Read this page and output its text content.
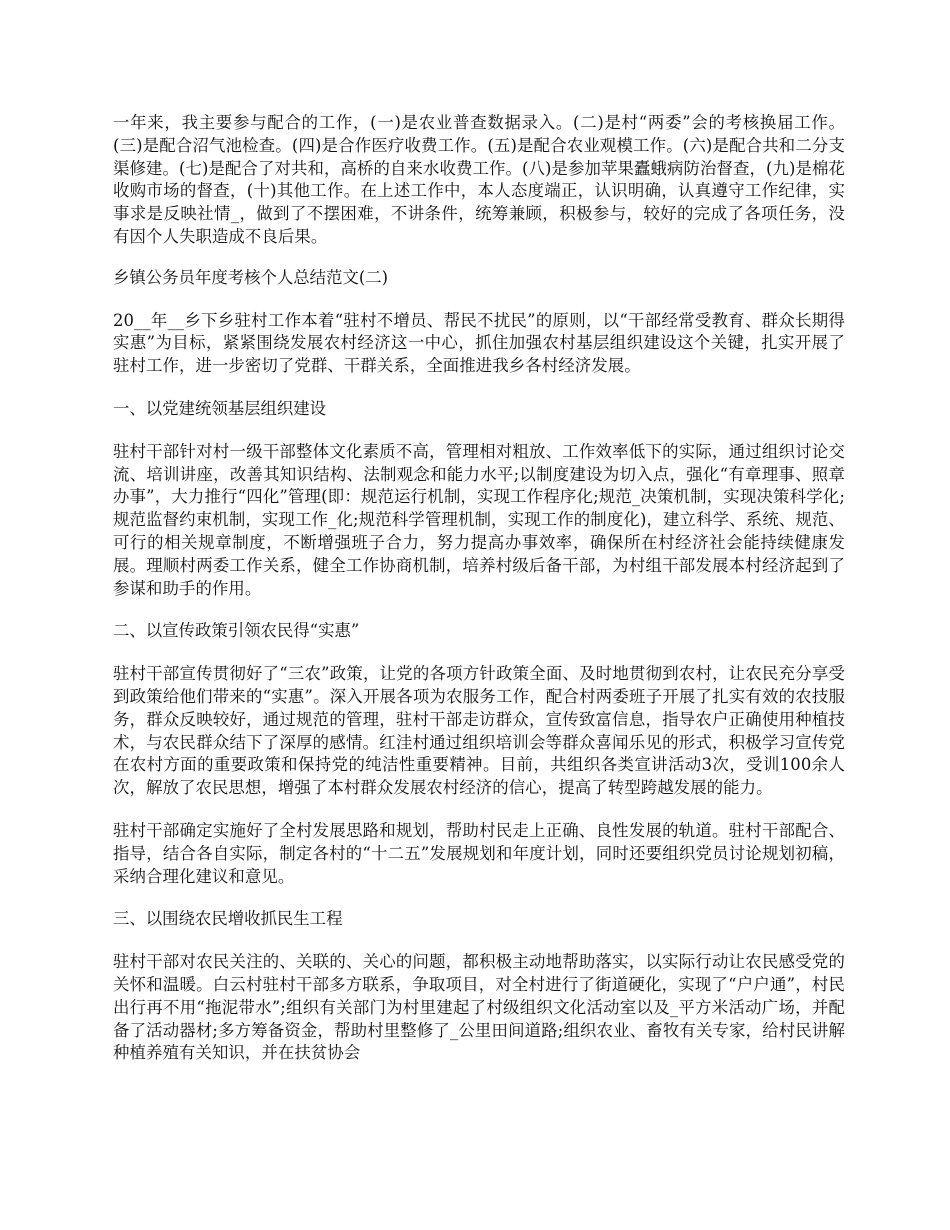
一年来，我主要参与配合的工作，(一)是农业普查数据录入。(二)是村“两委”会的考核换届工作。(三)是配合沼气池检查。(四)是合作医疗收费工作。(五)是配合农业观模工作。(六)是配合共和二分支渠修建。(七)是配合了对共和，高桥的自来水收费工作。(八)是参加苹果蠹蛾病防治督查，(九)是棉花收购市场的督查，(十)其他工作。在上述工作中，本人态度端正，认识明确，认真遵守工作纪律，实事求是反映社情_，做到了不摆困难，不讲条件，统筹兼顾，积极参与，较好的完成了各项任务，没有因个人失职造成不良后果。

乡镇公务员年度考核个人总结范文(二)

20__年__乡下乡驻村工作本着“驻村不增员、帮民不扰民”的原则，以“干部经常受教育、群众长期得实惠”为目标，紧紧围绕发展农村经济这一中心，抓住加强农村基层组织建设这个关键，扎实开展了驻村工作，进一步密切了党群、干群关系，全面推进我乡各村经济发展。

一、以党建统领基层组织建设

驻村干部针对村一级干部整体文化素质不高，管理相对粗放、工作效率低下的实际，通过组织讨论交流、培训讲座，改善其知识结构、法制观念和能力水平;以制度建设为切入点，强化“有章理事、照章办事”，大力推行“四化”管理(即：规范运行机制，实现工作程序化;规范_决策机制，实现决策科学化;规范监督约束机制，实现工作_化;规范科学管理机制，实现工作的制度化)，建立科学、系统、规范、可行的相关规章制度，不断增强班子合力，努力提高办事效率，确保所在村经济社会能持续健康发展。理顺村两委工作关系，健全工作协商机制，培养村级后备干部，为村组干部发展本村经济起到了参谋和助手的作用。

二、以宣传政策引领农民得“实惠”

驻村干部宣传贯彻好了“三农”政策，让党的各项方针政策全面、及时地贯彻到农村，让农民充分享受到政策给他们带来的“实惠”。深入开展各项为农服务工作，配合村两委班子开展了扎实有效的农技服务，群众反映较好，通过规范的管理，驻村干部走访群众，宣传致富信息，指导农户正确使用种植技术，与农民群众结下了深厚的感情。红洼村通过组织培训会等群众喜闻乐见的形式，积极学习宣传党在农村方面的重要政策和保持党的纯洁性重要精神。目前，共组织各类宣讲活动3次，受训100余人次，解放了农民思想，增强了本村群众发展农村经济的信心，提高了转型跨越发展的能力。

驻村干部确定实施好了全村发展思路和规划，帮助村民走上正确、良性发展的轨道。驻村干部配合、指导，结合各自实际，制定各村的“十二五”发展规划和年度计划，同时还要组织党员讨论规划初稿，采纳合理化建议和意见。

三、以围绕农民增收抓民生工程

驻村干部对农民关注的、关联的、关心的问题，都积极主动地帮助落实，以实际行动让农民感受党的关怀和温暖。白云村驻村干部多方联系，争取项目，对全村进行了街道硬化，实现了“户户通”，村民出行再不用“拖泥带水”;组织有关部门为村里建起了村级组织文化活动室以及_平方米活动广场，并配备了活动器材;多方筹备资金，帮助村里整修了_公里田间道路;组织农业、畜牧有关专家，给村民讲解种植养殖有关知识，并在扶贫协会
